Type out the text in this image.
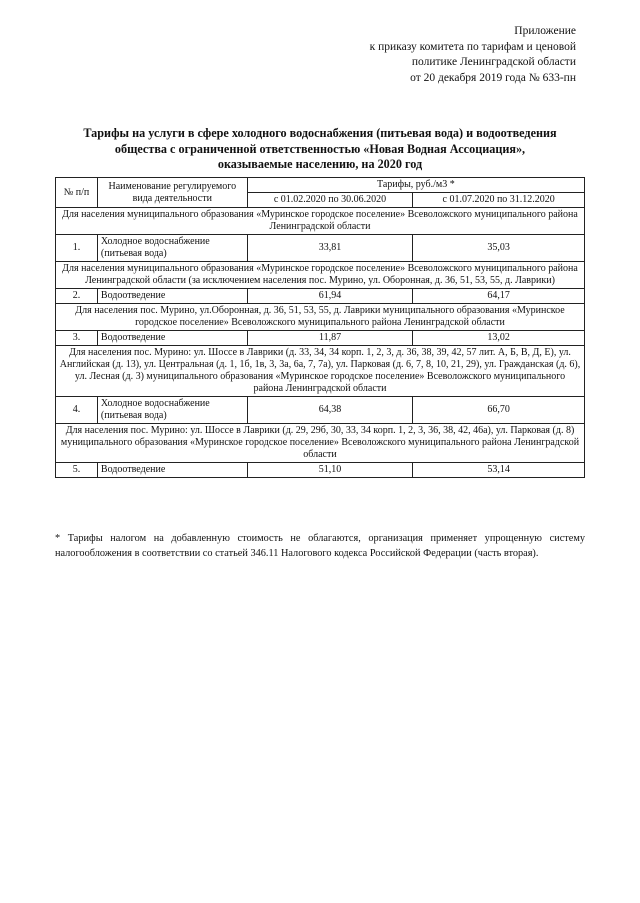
Приложение
к приказу комитета по тарифам и ценовой
политике Ленинградской области
от 20 декабря 2019 года № 633-пн
Тарифы на услуги в сфере холодного водоснабжения (питьевая вода) и водоотведения
общества с ограниченной ответственностью «Новая Водная Ассоциация»,
оказываемые населению, на 2020 год
№ п/п	Наименование регулируемого вида деятельности	Тарифы, руб./м3 *	
		с 01.02.2020 по 30.06.2020	с 01.07.2020 по 31.12.2020
Для населения муниципального образования «Муринское городское поселение» Всеволожского муниципального района Ленинградской области			
1.	Холодное водоснабжение (питьевая вода)	33,81	35,03
Для населения муниципального образования «Муринское городское поселение» Всеволожского муниципального района Ленинградской области (за исключением населения пос. Мурино, ул. Оборонная, д. 36, 51, 53, 55, д. Лаврики)			
2.	Водоотведение	61,94	64,17
Для населения пос. Мурино, ул.Оборонная, д. 36, 51, 53, 55, д. Лаврики муниципального образования «Муринское городское поселение» Всеволожского муниципального района Ленинградской области			
3.	Водоотведение	11,87	13,02
Для населения пос. Мурино: ул. Шоссе в Лаврики (д. 33, 34, 34 корп. 1, 2, 3, д. 36, 38, 39, 42, 57 лит. А, Б, В, Д, Е), ул. Английская (д. 13), ул. Центральная (д. 1, 1б, 1в, 3, 3а, 6а, 7, 7а), ул. Парковая (д. 6, 7, 8, 10, 21, 29), ул. Гражданская (д. 6), ул. Лесная (д. 3) муниципального образования «Муринское городское поселение» Всеволожского муниципального района Ленинградской области			
4.	Холодное водоснабжение (питьевая вода)	64,38	66,70
Для населения пос. Мурино: ул. Шоссе в Лаврики (д. 29, 29б, 30, 33, 34 корп. 1, 2, 3, 36, 38, 42, 46а), ул. Парковая (д. 8) муниципального образования «Муринское городское поселение» Всеволожского муниципального района Ленинградской области			
5.	Водоотведение	51,10	53,14
* Тарифы налогом на добавленную стоимость не облагаются, организация применяет упрощенную систему налогообложения в соответствии со статьей 346.11 Налогового кодекса Российской Федерации (часть вторая).
